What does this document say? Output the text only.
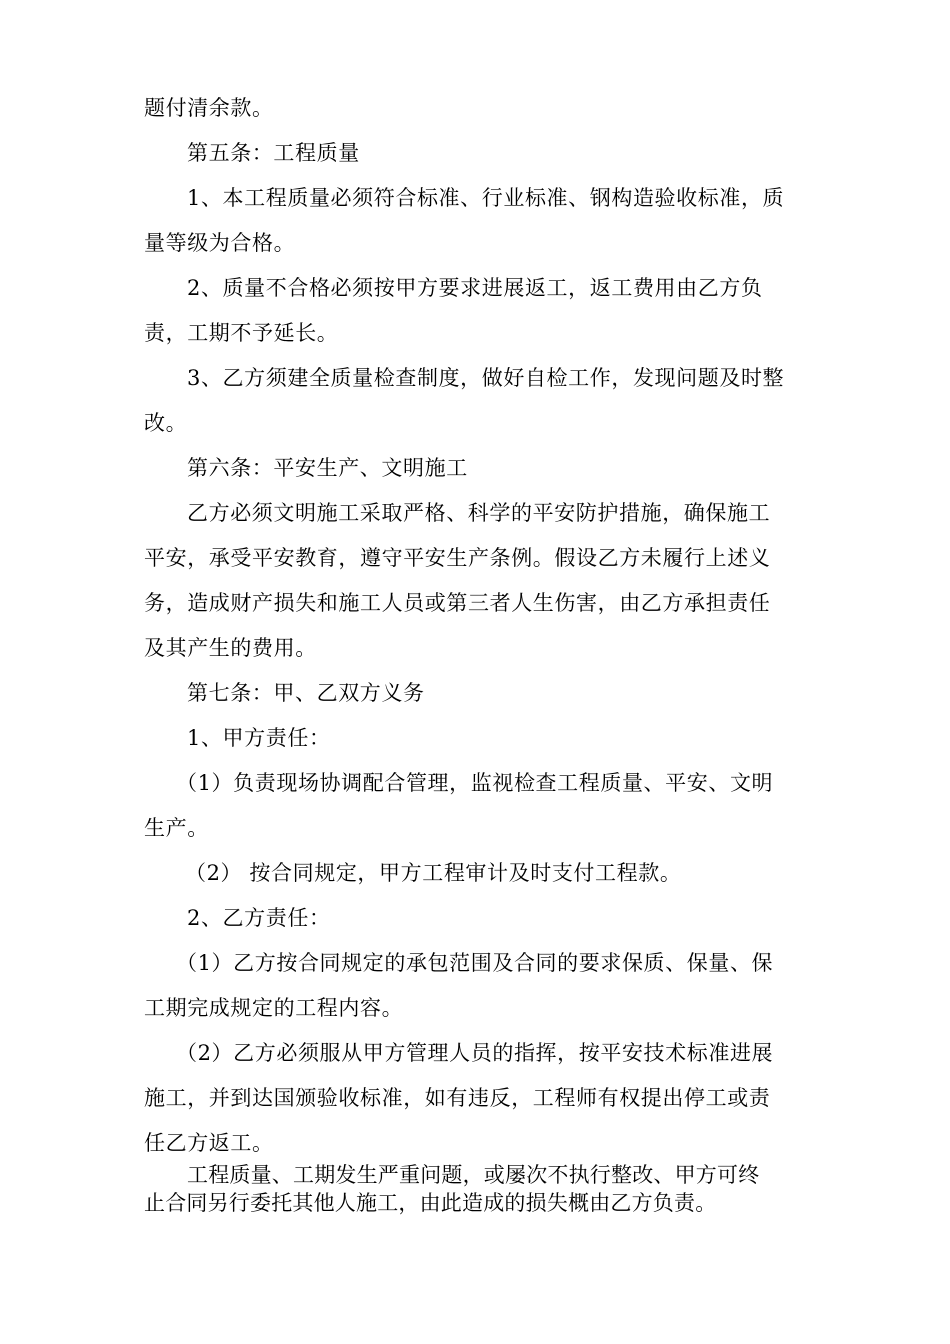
题付清余款。

第五条：工程质量

1、本工程质量必须符合标准、行业标准、钢构造验收标准，质

量等级为合格。

2、质量不合格必须按甲方要求进展返工，返工费用由乙方负

责，工期不予延长。

3、乙方须建全质量检查制度，做好自检工作，发现问题及时整

改。

第六条：平安生产、文明施工

乙方必须文明施工采取严格、科学的平安防护措施，确保施工

平安，承受平安教育，遵守平安生产条例。假设乙方未履行上述义

务，造成财产损失和施工人员或第三者人生伤害，由乙方承担责任

及其产生的费用。

第七条：甲、乙双方义务

1、甲方责任：

（1）负责现场协调配合管理，监视检查工程质量、平安、文明

生产。

（2） 按合同规定，甲方工程审计及时支付工程款。

2、乙方责任：

（1）乙方按合同规定的承包范围及合同的要求保质、保量、保

工期完成规定的工程内容。

（2）乙方必须服从甲方管理人员的指挥，按平安技术标准进展

施工，并到达国颁验收标准，如有违反，工程师有权提出停工或责

任乙方返工。

工程质量、工期发生严重问题，或屡次不执行整改、甲方可终

止合同另行委托其他人施工，由此造成的损失概由乙方负责。
